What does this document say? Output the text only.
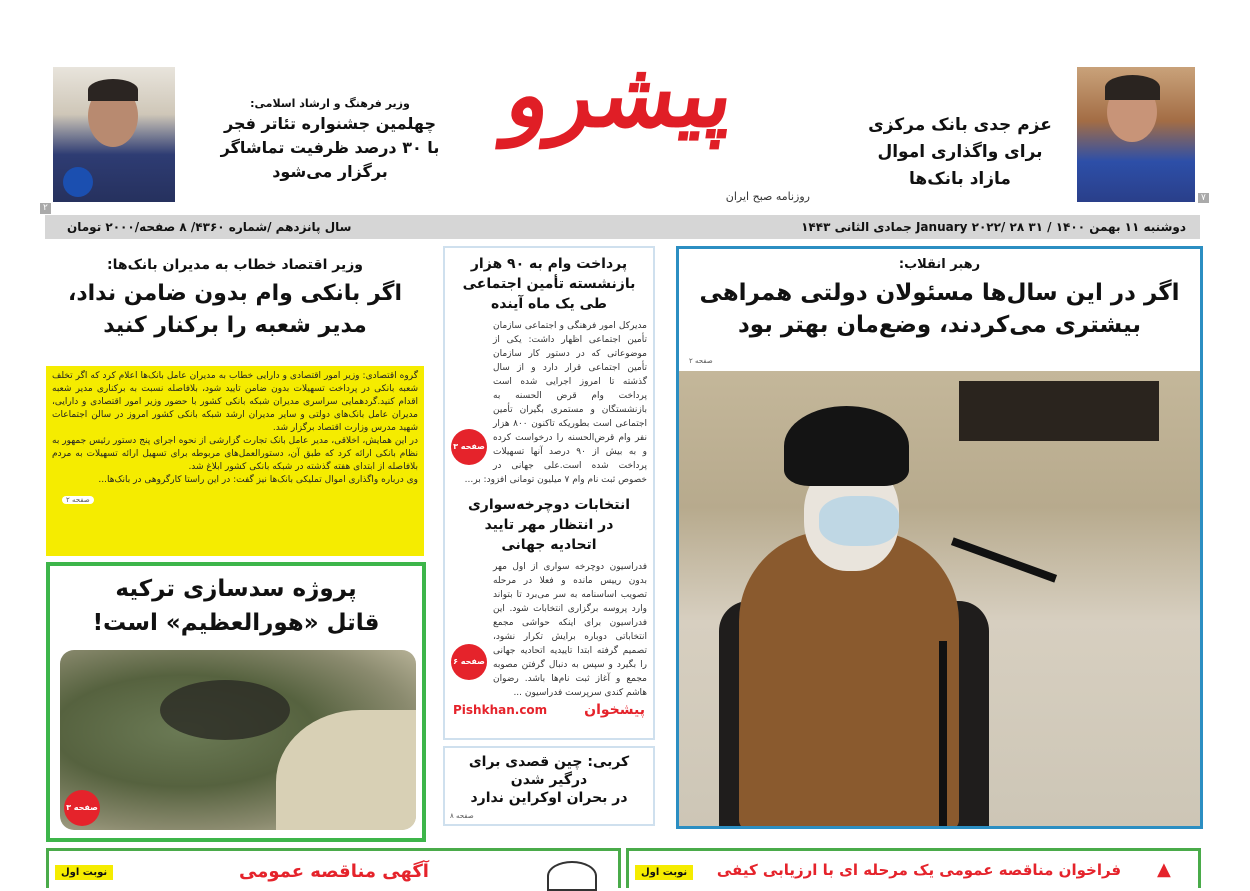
پیشرو
روزنامه صبح ایران	۷
عزم جدی بانک مرکزی
برای واگذاری اموال
مازاد بانک‌ها
۲
وزیر فرهنگ و ارشاد اسلامی:
چهلمین جشنواره تئاتر فجر
با ۳۰ درصد ظرفیت تماشاگر
برگزار می‌شود
دوشنبه ۱۱ بهمن ۱۴۰۰ / ۳۱ January ۲۰۲۲/ ۲۸ جمادی الثانی ۱۴۴۳
سال پانزدهم /شماره ۴۳۶۰/ ۸ صفحه/۲۰۰۰ تومان
رهبر انقلاب:
اگر در این سال‌ها مسئولان دولتی همراهی
بیشتری می‌کردند، وضع‌مان بهتر بود
صفحه ۲
پرداخت وام به ۹۰ هزار
بازنشسته تأمین اجتماعی
طی یک ماه آینده
صفحه ۳
مدیرکل امور فرهنگی و اجتماعی سازمان تأمین اجتماعی اظهار داشت: یکی از موضوعاتی که در دستور کار سازمان تأمین اجتماعی قرار دارد و از سال گذشته تا امروز اجرایی شده است پرداخت وام قرض الحسنه به بازنشستگان و مستمری بگیران تأمین اجتماعی است بطوریکه تاکنون ۸۰۰ هزار نفر وام قرض‌الحسنه را درخواست کرده و به بیش از ۹۰ درصد آنها تسهیلات پرداخت شده است.علی جهانی در خصوص ثبت نام وام ۷ میلیون تومانی افزود: بر...
انتخابات دوچرخه‌سواری
در انتظار مهر تایید
اتحادیه جهانی
صفحه ۶
فدراسیون دوچرخه سواری از اول مهر بدون رییس مانده و فعلا در مرحله تصویب اساسنامه به سر می‌برد تا بتواند وارد پروسه برگزاری انتخابات شود. این فدراسیون برای اینکه حواشی مجمع انتخاباتی دوباره برایش تکرار نشود، تصمیم گرفته ابتدا تاییدیه اتحادیه جهانی را بگیرد و سپس به دنبال گرفتن مصوبه مجمع و آغاز ثبت نام‌ها باشد. رضوان هاشم کندی سرپرست فدراسیون ...
Pishkhan.com	پیشخوان
کربی: چین قصدی برای
درگیر شدن
در بحران اوکراین ندارد
صفحه ۸
وزیر اقتصاد خطاب به مدیران بانک‌ها:
اگر بانکی وام بدون ضامن نداد،
مدیر شعبه را برکنار کنید
گروه اقتصادی: وزیر امور اقتصادی و دارایی خطاب به مدیران عامل بانک‌ها اعلام کرد که اگر تخلف شعبه بانکی در پرداخت تسهیلات بدون ضامن تایید شود، بلافاصله نسبت به برکناری مدیر شعبه اقدام کنید.گردهمایی سراسری مدیران شبکه بانکی کشور با حضور وزیر امور اقتصادی و دارایی، مدیران عامل بانک‌های دولتی و سایر مدیران ارشد شبکه بانکی کشور امروز در سالن اجتماعات شهید مدرس وزارت اقتصاد برگزار شد.
در این همایش، اخلاقی، مدیر عامل بانک تجارت گزارشی از نحوه اجرای پنج دستور رئیس جمهور به نظام بانکی ارائه کرد که طبق آن، دستورالعمل‌های مربوطه برای تسهیل ارائه تسهیلات به مردم بلافاصله از ابتدای هفته گذشته در شبکه بانکی کشور ابلاغ شد.
وی درباره واگذاری اموال تملیکی بانک‌ها نیز گفت: در این راستا کارگروهی در بانک‌ها...
صفحه ۲
پروژه سدسازی ترکیه
قاتل «هورالعظیم» است!
صفحه ۳
نوبت اول	آگهی مناقصه عمومی	نوبت اول	فراخوان مناقصه عمومی یک مرحله ای با ارزیابی کیفی	▲
